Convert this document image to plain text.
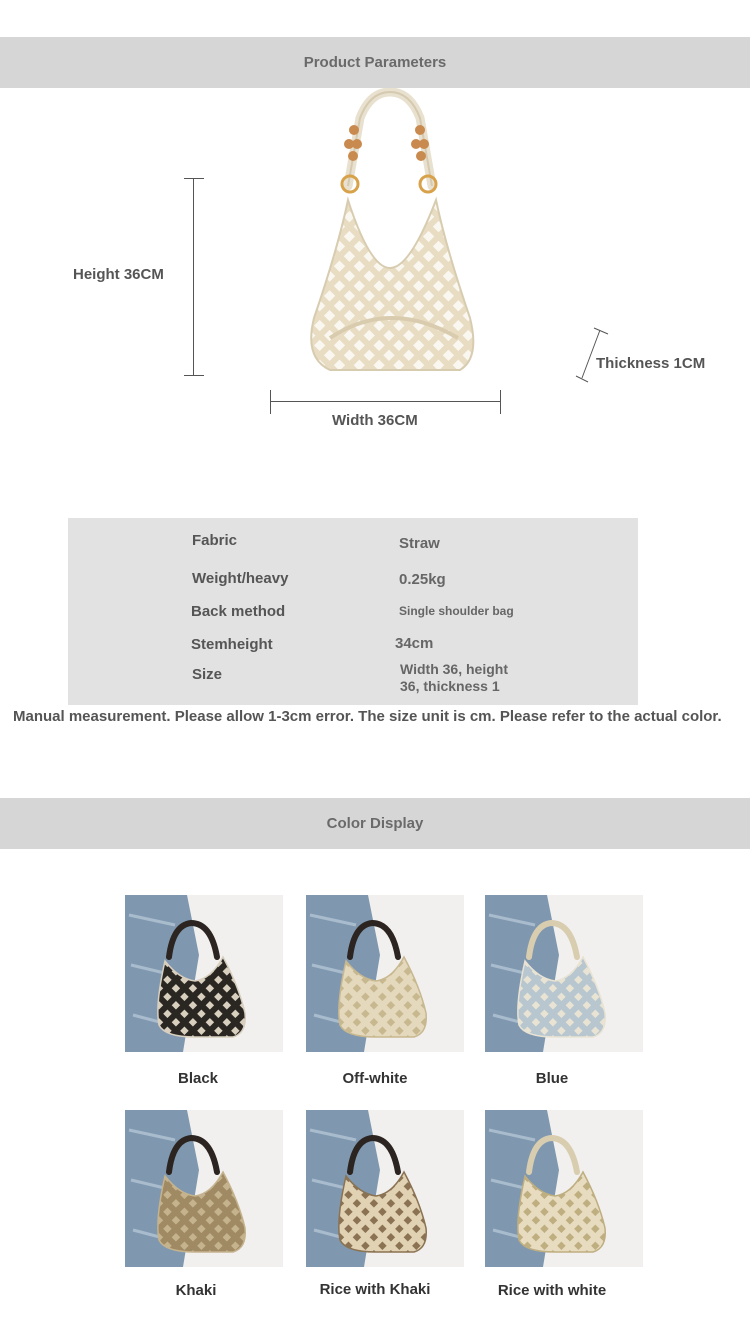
Product Parameters
Height 36CM
Width 36CM
Thickness 1CM
Fabric	Straw
Weight/heavy	0.25kg
Back method	Single shoulder bag
Stemheight	34cm
Size	Width 36, height
36, thickness 1
Manual measurement. Please allow 1-3cm error. The size unit is cm. Please refer to the actual color.
Color Display
Black	Off-white	Blue
Khaki	Rice with Khaki	Rice with white
